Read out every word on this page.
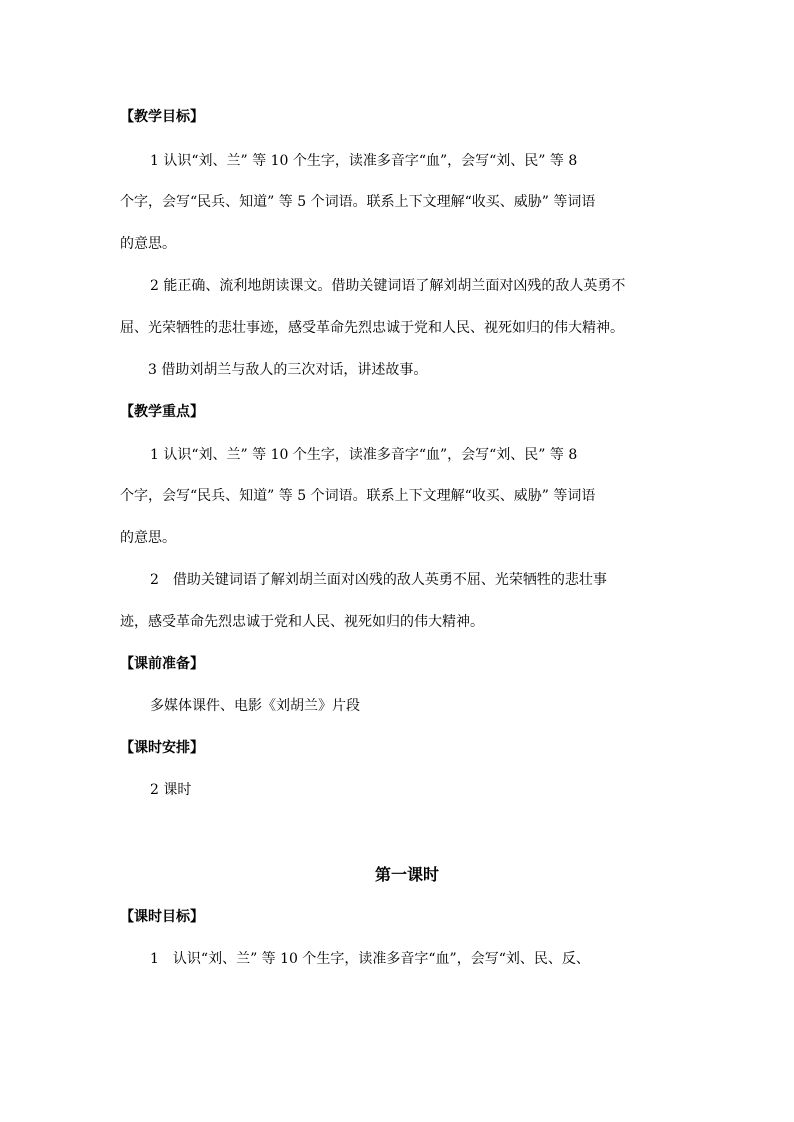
【教学目标】
1 认识“刘、兰” 等 10 个生字，读准多音字“血”，会写“刘、民” 等 8
个字，会写“民兵、知道” 等 5 个词语。联系上下文理解“收买、威胁” 等词语
的意思。
2 能正确、流利地朗读课文。借助关键词语了解刘胡兰面对凶残的敌人英勇不
屈、光荣牺牲的悲壮事迹，感受革命先烈忠诚于党和人民、视死如归的伟大精神。
3 借助刘胡兰与敌人的三次对话，讲述故事。
【教学重点】
1 认识“刘、兰” 等 10 个生字，读准多音字“血”，会写“刘、民” 等 8
个字，会写“民兵、知道” 等 5 个词语。联系上下文理解“收买、威胁” 等词语
的意思。
2　借助关键词语了解刘胡兰面对凶残的敌人英勇不屈、光荣牺牲的悲壮事
迹，感受革命先烈忠诚于党和人民、视死如归的伟大精神。
【课前准备】
多媒体课件、电影《刘胡兰》片段
【课时安排】
2 课时
第一课时
【课时目标】
1　认识“刘、兰” 等 10 个生字，读准多音字“血”，会写“刘、民、反、
